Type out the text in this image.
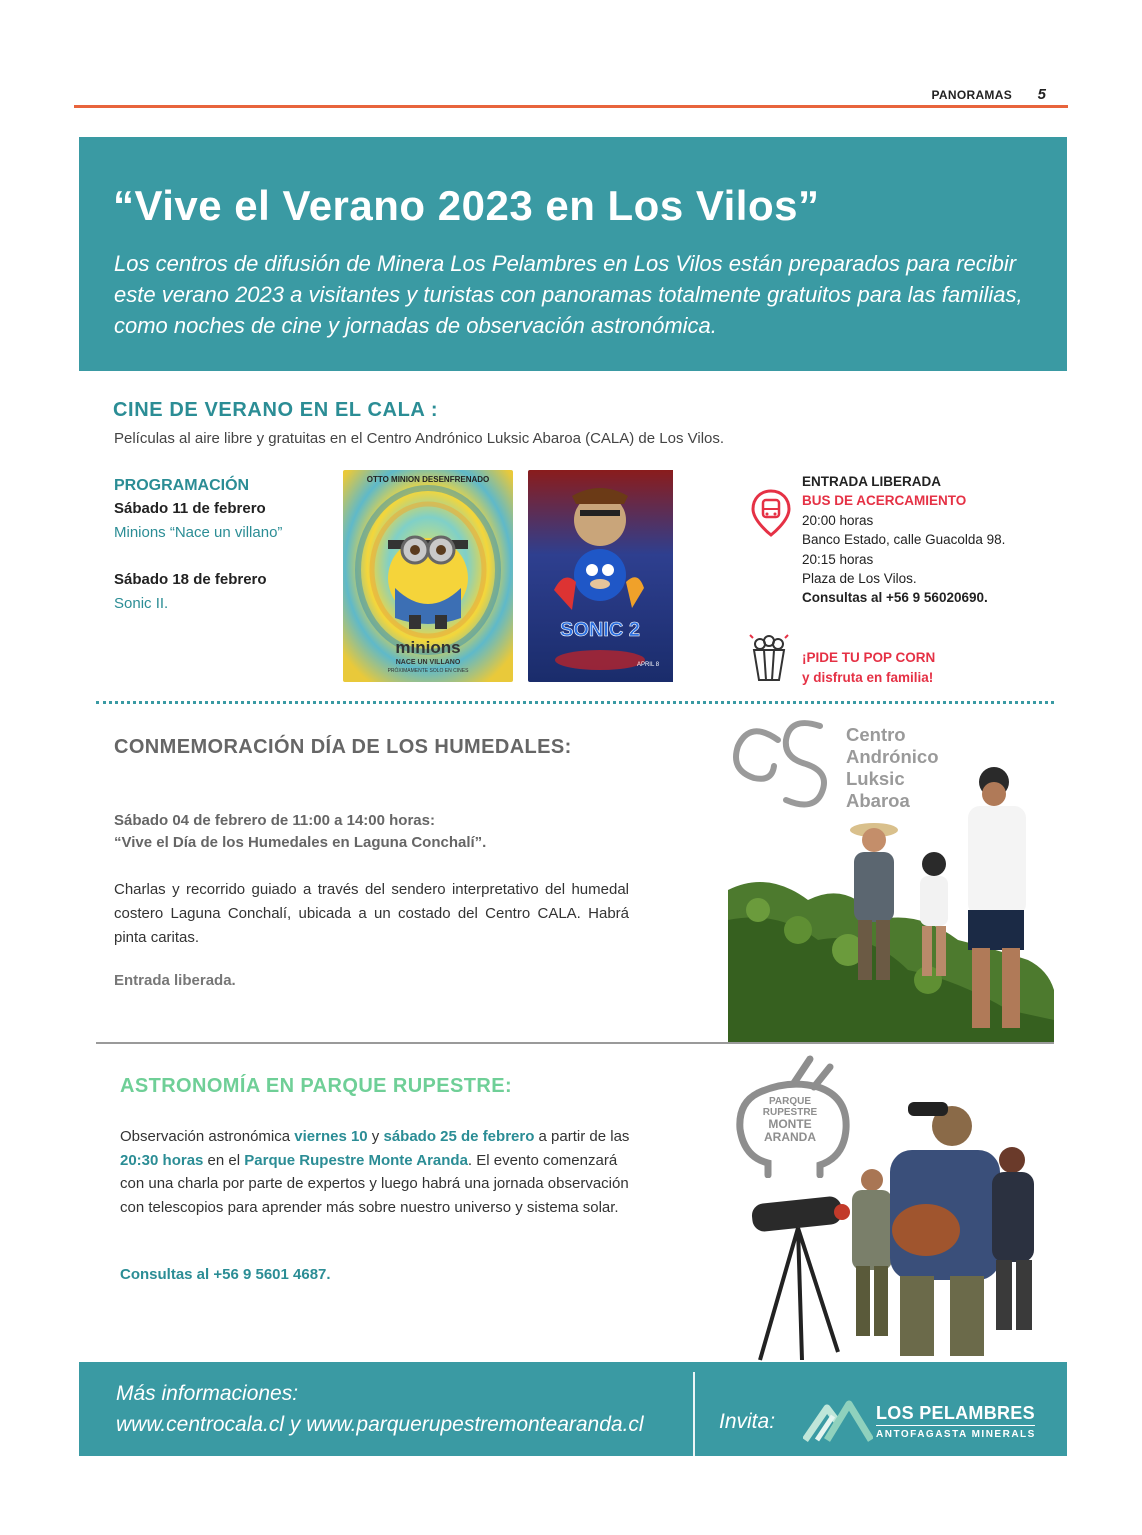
PANORAMAS 5
“Vive el Verano 2023 en Los Vilos”
Los centros de difusión de Minera Los Pelambres en Los Vilos están preparados para recibir este verano 2023 a visitantes y turistas con panoramas totalmente gratuitos para las familias, como noches de cine y jornadas de observación astronómica.
CINE DE VERANO EN EL CALA :
Películas al aire libre y gratuitas en el Centro Andrónico Luksic Abaroa (CALA) de Los Vilos.
PROGRAMACIÓN
Sábado 11 de febrero
Minions “Nace un villano”
Sábado 18 de febrero
Sonic II.
OTTO MINION DESENFRENADO
minions
NACE UN VILLANO
PRÓXIMAMENTE SOLO EN CINES
SONIC 2
APRIL 8
ENTRADA LIBERADA
BUS DE ACERCAMIENTO
20:00 horas
Banco Estado, calle Guacolda 98.
20:15 horas
Plaza de Los Vilos.
Consultas al +56 9 56020690.
¡PIDE TU POP CORN
y disfruta en familia!
CONMEMORACIÓN DÍA DE LOS HUMEDALES:
Sábado 04 de febrero de 11:00 a 14:00 horas:
“Vive el Día de los Humedales en Laguna Conchalí”.
Charlas y recorrido guiado a través del sendero interpretativo del humedal costero Laguna Conchalí, ubicada a un costado del Centro CALA. Habrá pinta caritas.
Entrada liberada.
Centro
Andrónico
Luksic
Abaroa
ASTRONOMÍA EN PARQUE RUPESTRE:
Observación astronómica viernes 10 y sábado 25 de febrero a partir de las 20:30 horas en el Parque Rupestre Monte Aranda. El evento comenzará con una charla por parte de expertos y luego habrá una jornada observación con telescopios para aprender más sobre nuestro universo y sistema solar.
Consultas al +56 9 5601 4687.
PARQUE
RUPESTRE
MONTE
ARANDA
Más informaciones:
www.centrocala.cl y www.parquerupestremontearanda.cl	Invita:	LOS PELAMBRES
ANTOFAGASTA MINERALS
